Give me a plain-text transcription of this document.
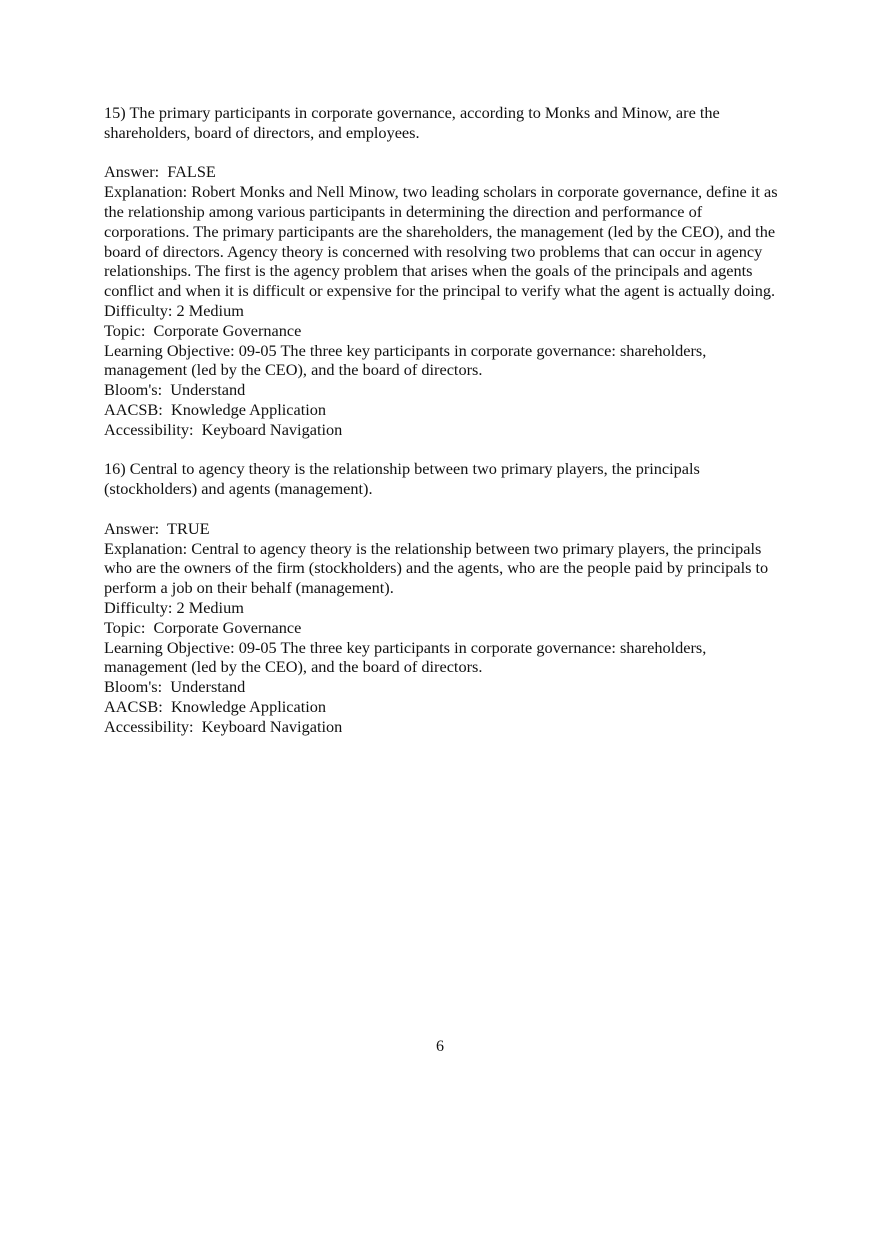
15) The primary participants in corporate governance, according to Monks and Minow, are the shareholders, board of directors, and employees.
Answer:  FALSE
Explanation: Robert Monks and Nell Minow, two leading scholars in corporate governance, define it as the relationship among various participants in determining the direction and performance of corporations. The primary participants are the shareholders, the management (led by the CEO), and the board of directors. Agency theory is concerned with resolving two problems that can occur in agency relationships. The first is the agency problem that arises when the goals of the principals and agents conflict and when it is difficult or expensive for the principal to verify what the agent is actually doing.
Difficulty: 2 Medium
Topic:  Corporate Governance
Learning Objective: 09-05 The three key participants in corporate governance: shareholders, management (led by the CEO), and the board of directors.
Bloom's:  Understand
AACSB:  Knowledge Application
Accessibility:  Keyboard Navigation
16) Central to agency theory is the relationship between two primary players, the principals (stockholders) and agents (management).
Answer:  TRUE
Explanation: Central to agency theory is the relationship between two primary players, the principals who are the owners of the firm (stockholders) and the agents, who are the people paid by principals to perform a job on their behalf (management).
Difficulty: 2 Medium
Topic:  Corporate Governance
Learning Objective: 09-05 The three key participants in corporate governance: shareholders, management (led by the CEO), and the board of directors.
Bloom's:  Understand
AACSB:  Knowledge Application
Accessibility:  Keyboard Navigation
6
